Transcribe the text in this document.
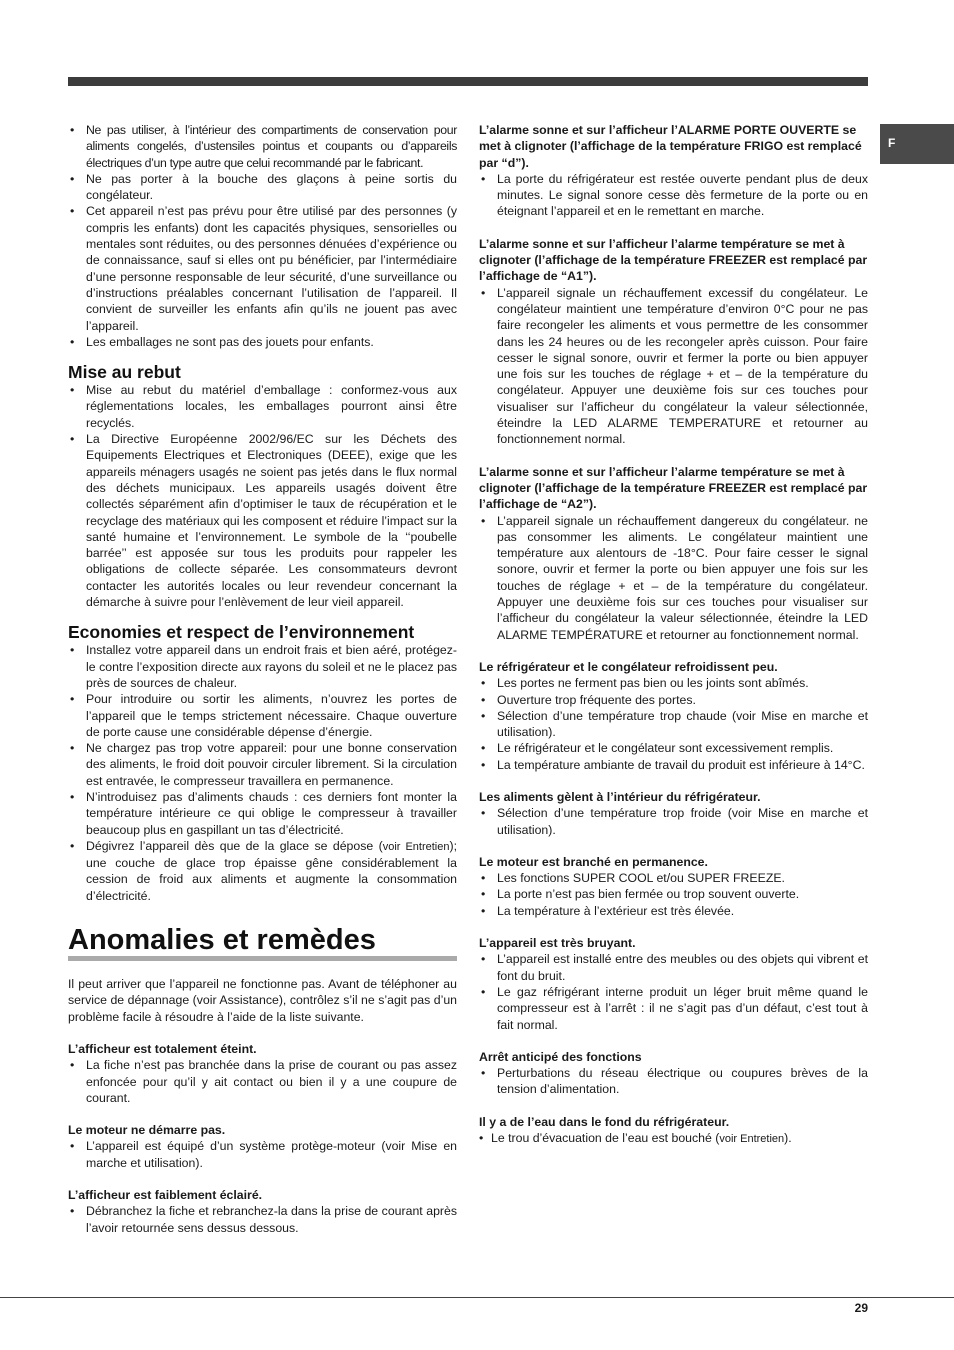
F
• Ne pas utiliser, à l’intérieur des compartiments de conservation pour aliments congelés, d’ustensiles pointus et coupants ou d’appareils électriques d’un type autre que celui recommandé par le fabricant.
• Ne pas porter à la bouche des glaçons à peine sortis du congélateur.
• Cet appareil n’est pas prévu pour être utilisé par des personnes (y compris les enfants) dont les capacités physiques, sensorielles ou mentales sont réduites, ou des personnes dénuées d’expérience ou de connaissance, sauf si elles ont pu bénéficier, par l’intermédiaire d’une personne responsable de leur sécurité, d’une surveillance ou d’instructions préalables concernant l’utilisation de l’appareil. Il convient de surveiller les enfants afin qu’ils ne jouent pas avec l’appareil.
• Les emballages ne sont pas des jouets pour enfants.
Mise au rebut
• Mise au rebut du matériel d’emballage : conformez-vous aux réglementations locales, les emballages pourront ainsi être recyclés.
• La Directive Européenne 2002/96/EC sur les Déchets des Equipements Electriques et Electroniques (DEEE), exige que les appareils ménagers usagés ne soient pas jetés dans le flux normal des déchets municipaux. Les appareils usagés doivent être collectés séparément afin d’optimiser le taux de récupération et le recyclage des matériaux qui les composent et réduire l’impact sur la santé humaine et l’environnement. Le symbole de la ‘‘poubelle barrée’’ est apposée sur tous les produits pour rappeler les obligations de collecte séparée. Les consommateurs devront contacter les autorités locales ou leur revendeur concernant la démarche à suivre pour l’enlèvement de leur vieil appareil.
Economies et respect de l’environnement
• Installez votre appareil dans un endroit frais et bien aéré, protégez-le contre l’exposition directe aux rayons du soleil et ne le placez pas près de sources de chaleur.
• Pour introduire ou sortir les aliments, n’ouvrez les portes de l’appareil que le temps strictement nécessaire. Chaque ouverture de porte cause une considérable dépense d’énergie.
• Ne chargez pas trop votre appareil: pour une bonne conservation des aliments, le froid doit pouvoir circuler librement. Si la circulation est entravée, le compresseur travaillera en permanence.
• N’introduisez pas d’aliments chauds : ces derniers font monter la température intérieure ce qui oblige le compresseur à travailler beaucoup plus en gaspillant un tas d’électricité.
• Dégivrez l’appareil dès que de la glace se dépose (voir Entretien); une couche de glace trop épaisse gêne considérablement la cession de froid aux aliments et augmente la consommation d’électricité.
Anomalies et remèdes

Il peut arriver que l’appareil ne fonctionne pas. Avant de téléphoner au service de dépannage (voir Assistance), contrôlez s’il ne s’agit pas d’un problème facile à résoudre à l’aide de la liste suivante.

L’afficheur est totalement éteint.

• La fiche n’est pas branchée dans la prise de courant ou pas assez enfoncée pour qu’il y ait contact ou bien il y a une coupure de courant.

Le moteur ne démarre pas.

• L’appareil est équipé d’un système protège-moteur (voir Mise en marche et utilisation).

L’afficheur est faiblement éclairé.

• Débranchez la fiche et rebranchez-la dans la prise de courant après l’avoir retournée sens dessus dessous.

L’alarme sonne et sur l’afficheur l’ALARME PORTE OUVERTE se met à clignoter (l’affichage de la température FRIGO est remplacé par “d”).

• La porte du réfrigérateur est restée ouverte pendant plus de deux minutes. Le signal sonore cesse dès fermeture de la porte ou en éteignant l’appareil et en le remettant en marche.

L’alarme sonne et sur l’afficheur l’alarme température se met à clignoter (l’affichage de la température FREEZER est remplacé par l’affichage de “A1”).

• L’appareil signale un réchauffement excessif du congélateur. Le congélateur maintient une température d’environ 0°C pour ne pas faire recongeler les aliments et vous permettre de les consommer dans les 24 heures ou de les recongeler après cuisson. Pour faire cesser le signal sonore, ouvrir et fermer la porte ou bien appuyer une fois sur les touches de réglage + et – de la température du congélateur. Appuyer une deuxième fois sur ces touches pour visualiser sur l’afficheur du congélateur la valeur sélectionnée, éteindre la LED ALARME TEMPERATURE et retourner au fonctionnement normal.

L’alarme sonne et sur l’afficheur l’alarme température se met à clignoter (l’affichage de la température FREEZER est remplacé par l’affichage de “A2”).

• L’appareil signale un réchauffement dangereux du congélateur. ne pas consommer les aliments. Le congélateur maintient une température aux alentours de -18°C. Pour faire cesser le signal sonore, ouvrir et fermer la porte ou bien appuyer une fois sur les touches de réglage + et – de la température du congélateur. Appuyer une deuxième fois sur ces touches pour visualiser sur l’afficheur du congélateur la valeur sélectionnée, éteindre la LED ALARME TEMPÉRATURE et retourner au fonctionnement normal.

Le réfrigérateur et le congélateur refroidissent peu.

• Les portes ne ferment pas bien ou les joints sont abîmés.
• Ouverture trop fréquente des portes.
• Sélection d’une température trop chaude (voir Mise en marche et utilisation).
• Le réfrigérateur et le congélateur sont excessivement remplis.
• La température ambiante de travail du produit est inférieure à 14°C.

Les aliments gèlent à l’intérieur du réfrigérateur.

• Sélection d’une température trop froide (voir Mise en marche et utilisation).

Le moteur est branché en permanence.

• Les fonctions SUPER COOL et/ou SUPER FREEZE.
• La porte n’est pas bien fermée ou trop souvent ouverte.
• La température à l’extérieur est très élevée.

L’appareil est très bruyant.

• L’appareil est installé entre des meubles ou des objets qui vibrent et font du bruit.
• Le gaz réfrigérant interne produit un léger bruit même quand le compresseur est à l’arrêt : il ne s’agit pas d’un défaut, c’est tout à fait normal.

Arrêt anticipé des fonctions

• Perturbations du réseau électrique ou coupures brèves de la tension d’alimentation.

Il y a de l’eau dans le fond du réfrigérateur.

• Le trou d’évacuation de l’eau est bouché (voir Entretien).
29
